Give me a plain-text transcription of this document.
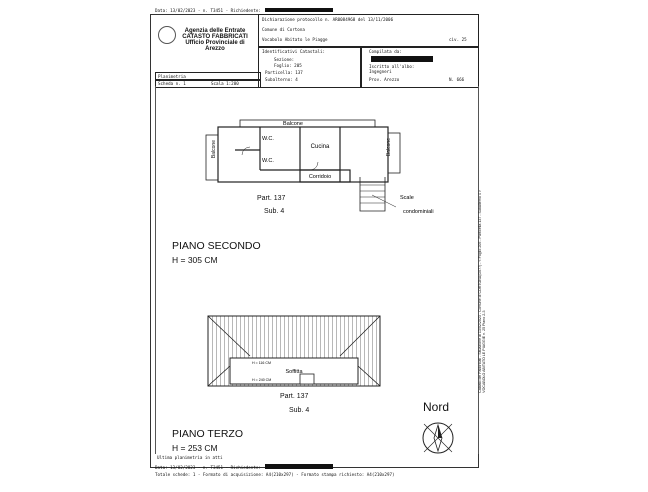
Data: 13/02/2023 - n. T3451 - Richiedente:
Agenzia delle Entrate
CATASTO FABBRICATI
Ufficio Provinciale di
Arezzo
Dichiarazione protocollo n. AR0084968 del 13/11/2006
Comune di Cortona
Vocabolo Abitato le Piagge	civ. 25
Identificativi Catastali:
Sezione:
Foglio: 205
Particella: 137
Subalterno: 4
Compilata da:
Iscritto all'albo:
Ingegneri
Prov. Arezzo	N. 666
Planimetria
Scheda n. 1	Scala 1:200
Balcone
W.C.
W.C.
Cucina
Corridoio
Scale
condominiali
Balcone	Balcone
Part. 137
Sub. 4
PIANO SECONDO
H = 305 CM
H = 116 CM
Soffitta
H = 240 CM
Part. 137
Sub. 4
PIANO TERZO
H = 253 CM
Nord
Ultima planimetria in atti
Data: 13/02/2023 - n. T3451 - Richiedente:
Totale schede: 1 - Formato di acquisizione: A4(210x297) - Formato stampa richiesto: A4(210x297)
Catasto dei Fabbricati - Situazione al 13/02/2023 - Comune di CORTONA(D077) - < Foglio 205 - Particella 137 - Subalterno 4 > VOCABOLO ABITATO LE PIAGGIE n. 25 Piano 2-3
